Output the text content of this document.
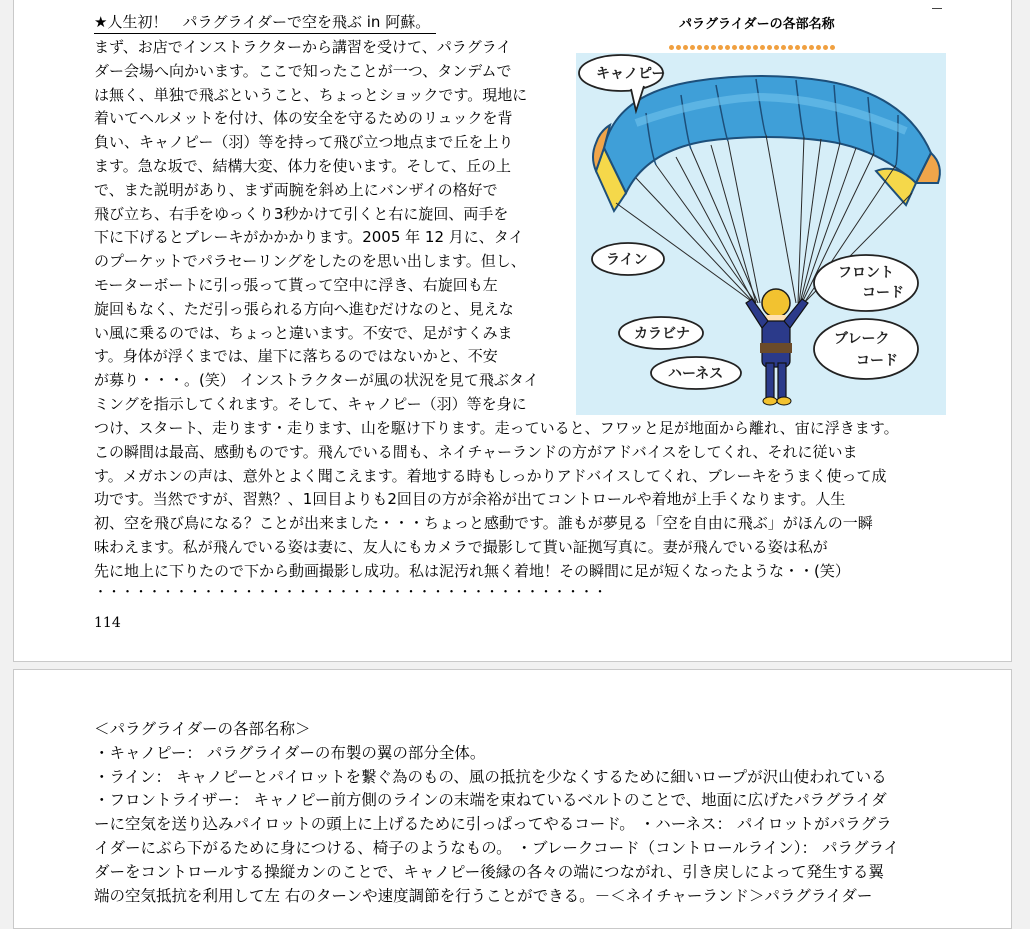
★人生初！　パラグライダーで空を飛ぶ in 阿蘇。
まず、お店でインストラクターから講習を受けて、パラグライ
ダー会場へ向かいます。ここで知ったことが一つ、タンデムで
は無く、単独で飛ぶということ、ちょっとショックです。現地に
着いてヘルメットを付け、体の安全を守るためのリュックを背
負い、キャノピー（羽）等を持って飛び立つ地点まで丘を上り
ます。急な坂で、結構大変、体力を使います。そして、丘の上
で、また説明があり、まず両腕を斜め上にバンザイの格好で
飛び立ち、右手をゆっくり3秒かけて引くと右に旋回、両手を
下に下げるとブレーキがかかかります。2005 年 12 月に、タイ
のプーケットでパラセーリングをしたのを思い出します。但し、
モーターボートに引っ張って貰って空中に浮き、右旋回も左
旋回もなく、ただ引っ張られる方向へ進むだけなのと、見えな
い風に乗るのでは、ちょっと違います。不安で、足がすくみま
す。身体が浮くまでは、崖下に落ちるのではないかと、不安
が募り・・・。(笑） インストラクターが風の状況を見て飛ぶタイ
ミングを指示してくれます。そして、キャノピー（羽）等を身に
つけ、スタート、走ります・走ります、山を駆け下ります。走っていると、フワッと足が地面から離れ、宙に浮きます。
この瞬間は最高、感動ものです。飛んでいる間も、ネイチャーランドの方がアドバイスをしてくれ、それに従いま
す。メガホンの声は、意外とよく聞こえます。着地する時もしっかりアドバイスしてくれ、ブレーキをうまく使って成
功です。当然ですが、習熟？、1回目よりも2回目の方が余裕が出てコントロールや着地が上手くなります。人生
初、空を飛び鳥になる？ことが出来ました・・・ちょっと感動です。誰もが夢見る「空を自由に飛ぶ」がほんの一瞬
味わえます。私が飛んでいる姿は妻に、友人にもカメラで撮影して貰い証拠写真に。妻が飛んでいる姿は私が
先に地上に下りたので下から動画撮影し成功。私は泥汚れ無く着地！その瞬間に足が短くなったような・・(笑）
・・・・・・・・・・・・・・・・・・・・・・・・・・・・・・・・・・・・・・
114
パラグライダーの各部名称
キャノピー
ライン
フロント
コード
カラビナ	ブレーク
コード
ハーネス
＜パラグライダーの各部名称＞
・キャノピー： パラグライダーの布製の翼の部分全体。
・ライン： キャノピーとパイロットを繋ぐ為のもの、風の抵抗を少なくするために細いロープが沢山使われている
・フロントライザー： キャノピー前方側のラインの末端を束ねているベルトのことで、地面に広げたパラグライダ
ーに空気を送り込みパイロットの頭上に上げるために引っぱってやるコード。 ・ハーネス： パイロットがパラグラ
イダーにぶら下がるために身につける、椅子のようなもの。 ・ブレークコード（コントロールライン）： パラグライ
ダーをコントロールする操縦カンのことで、キャノピー後縁の各々の端につながれ、引き戻しによって発生する翼
端の空気抵抗を利用して左 右のターンや速度調節を行うことができる。－＜ネイチャーランド＞パラグライダー
